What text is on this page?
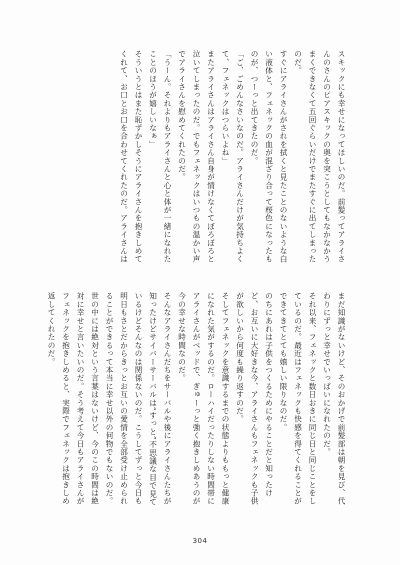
スキックにも幸せになってほしいのだ。前髪ってアライさんのさんのピアスキックの奥を突こうとしてもなかなかうまくできなくて五回ぐらいだけでまたすぐに出てしまったのだ。
すぐにアライさんがされを拭くと見たことのないような白い液体と、フェネックの血が混ざり合って桜色になったものが、つーっと出てきたのだ。
「ご、ごめんなさいなのだ。アライさんだけが気持ちよくて、フェネックはつらいよね」
またアライさんはアライさん自身が情けなくてぼろぼろと泣いてしまったのだ。でもフェネックはいつもの温かい声でアライさんを慰めてくれたのだ。
「うーん。それよりもアライさんと心と体が一緒になれたことのほうが嬉しいなぁ」
そういうとはまた恥ずかしそうにアライさんを抱きしめてくれて、お口とお口を合わせてくれたのだ。アライさんは
まだ知識がないけど、そのおかげで前髪部は朝を見び、代わりにずっと幸せでいっぱいになれたのだ。
それ以来、フェネックと数日おきに同じ日と同じことをしているのだ。最近はフェネックも快感を得てくれることができてきてとても嬉しい限りなのだ。
のちにあれは子供をつくるためにやることだと知ったけど、お互いに大好きな今、アライさんもフェネックも子供が欲しいから何度も繰り返すのだ。
そしてフェネックを意識するまでの状態よりももっと健康になれた気がするのだ。ローハイだったりしない時間帯にアライさんがベッドで、ぎゅーっと強く抱きしめあうのが今の幸せな時間なのだ。
そんなアライさんだちをサーバルや後にアライさんたちが知ったけどサイバーサーバルは“すっと”不思議な目で見ているけどそんなのは関係ないのだ。こうしてずっと今日も明日もさとだからきっとお互いの愛情を全部受け止められることができるって本当に幸せ以外の何物でもないのだ。
世の中には絶対という言葉はないけど、今のこの時間は絶対に幸せと言いたいのだ。そう考えて今日もアライさんがフェネックを抱きしめると、実際でフェネックは抱きしめ返してくれたのだ。
304
